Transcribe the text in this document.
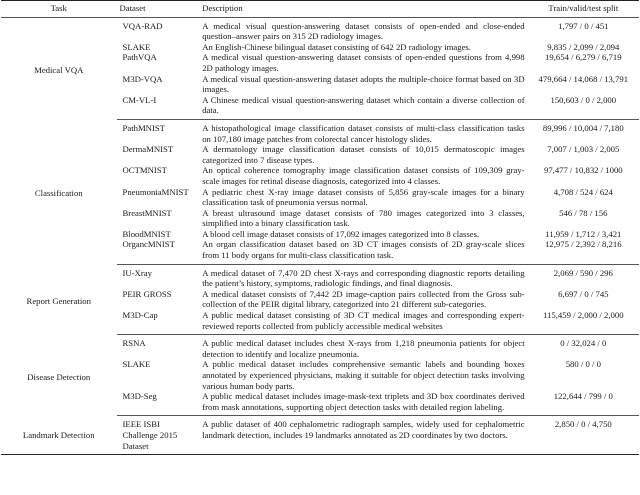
Task	Dataset	Description	Train/valid/test split
Medical VQA	VQA-RAD	A medical visual question-answering dataset consists of open-ended and close-ended question–answer pairs on 315 2D radiology images.	1,797 / 0 / 451
	SLAKE	An English-Chinese bilingual dataset consisting of 642 2D radiology images.	9,835 / 2,099 / 2,094
	PathVQA	A medical visual question-answering dataset consists of open-ended questions from 4,998 2D pathology images.	19,654 / 6,279 / 6,719
	M3D-VQA	A medical visual question-answering dataset adopts the multiple-choice format based on 3D images.	479,664 / 14,068 / 13,791
	CM-VL-I	A Chinese medical visual question-answering dataset which contain a diverse collection of data.	150,603 / 0 / 2,000
Classification	PathMNIST	A histopathological image classification dataset consists of multi-class classification tasks on 107,180 image patches from colorectal cancer histology slides.	89,996 / 10,004 / 7,180
	DermaMNIST	A dermatology image classification dataset consists of 10,015 dermatoscopic images categorized into 7 disease types.	7,007 / 1,003 / 2,005
	OCTMNIST	An optical coherence tomography image classification dataset consists of 109,309 gray-scale images for retinal disease diagnosis, categorized into 4 classes.	97,477 / 10,832 / 1000
	PneumoniaMNIST	A pediatric chest X-ray image dataset consists of 5,856 gray-scale images for a binary classification task of pneumonia versus normal.	4,708 / 524 / 624
	BreastMNIST	A breast ultrasound image dataset consists of 780 images categorized into 3 classes, simplified into a binary classification task.	546 / 78 / 156
	BloodMNIST	A blood cell image dataset consists of 17,092 images categorized into 8 classes.	11,959 / 1,712 / 3,421
	OrgancMNIST	An organ classification dataset based on 3D CT images consists of 2D gray-scale slices from 11 body organs for multi-class classification task.	12,975 / 2,392 / 8,216
Report Generation	IU-Xray	A medical dataset of 7,470 2D chest X-rays and corresponding diagnostic reports detailing the patient’s history, symptoms, radiologic findings, and final diagnosis.	2,069 / 590 / 296
	PEIR GROSS	A medical dataset consists of 7,442 2D image-caption pairs collected from the Gross sub-collection of the PEIR digital library, categorized into 21 different sub-categories.	6,697 / 0 / 745
	M3D-Cap	A public medical dataset consisting of 3D CT medical images and corresponding expert-reviewed reports collected from publicly accessible medical websites	115,459 / 2,000 / 2,000
Disease Detection	RSNA	A public medical dataset includes chest X-rays from 1,218 pneumonia patients for object detection to identify and localize pneumonia.	0 / 32,024 / 0
	SLAKE	A public medical dataset includes comprehensive semantic labels and bounding boxes annotated by experienced physicians, making it suitable for object detection tasks involving various human body parts.	580 / 0 / 0
	M3D-Seg	A public medical dataset includes image-mask-text triplets and 3D box coordinates derived from mask annotations, supporting object detection tasks with detailed region labeling.	122,644 / 799 / 0
Landmark Detection	IEEE ISBI Challenge 2015 Dataset	A public dataset of 400 cephalometric radiograph samples, widely used for cephalometric landmark detection, includes 19 landmarks annotated as 2D coordinates by two doctors.	2,850 / 0 / 4,750
